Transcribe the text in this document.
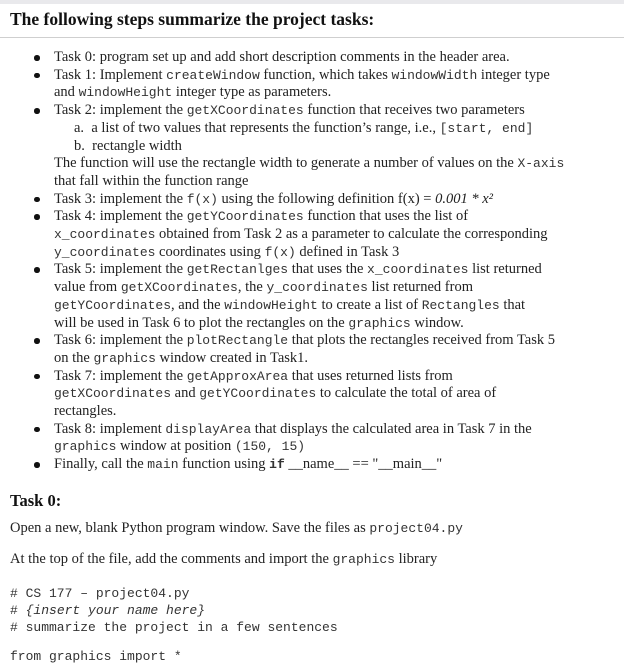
The following steps summarize the project tasks:
Task 0: program set up and add short description comments in the header area.
Task 1: Implement createWindow function, which takes windowWidth integer type
and windowHeight integer type as parameters.
Task 2: implement the getXCoordinates function that receives two parameters
a. a list of two values that represents the function’s range, i.e., [start, end]
b. rectangle width
The function will use the rectangle width to generate a number of values on the X-axis
that fall within the function range
Task 3: implement the f(x) using the following definition f(x) = 0.001 * x²
Task 4: implement the getYCoordinates function that uses the list of
x_coordinates obtained from Task 2 as a parameter to calculate the corresponding
y_coordinates coordinates using f(x) defined in Task 3
Task 5: implement the getRectanlges that uses the x_coordinates list returned
value from getXCoordinates, the y_coordinates list returned from
getYCoordinates, and the windowHeight to create a list of Rectangles that
will be used in Task 6 to plot the rectangles on the graphics window.
Task 6: implement the plotRectangle that plots the rectangles received from Task 5
on the graphics window created in Task1.
Task 7: implement the getApproxArea that uses returned lists from
getXCoordinates and getYCoordinates to calculate the total of area of
rectangles.
Task 8: implement displayArea that displays the calculated area in Task 7 in the
graphics window at position (150, 15)
Finally, call the main function using if __name__ == "__main__"
Task 0:

Open a new, blank Python program window. Save the files as project04.py

At the top of the file, add the comments and import the graphics library

# CS 177 – project04.py
# {insert your name here}
# summarize the project in a few sentences
from graphics import *
